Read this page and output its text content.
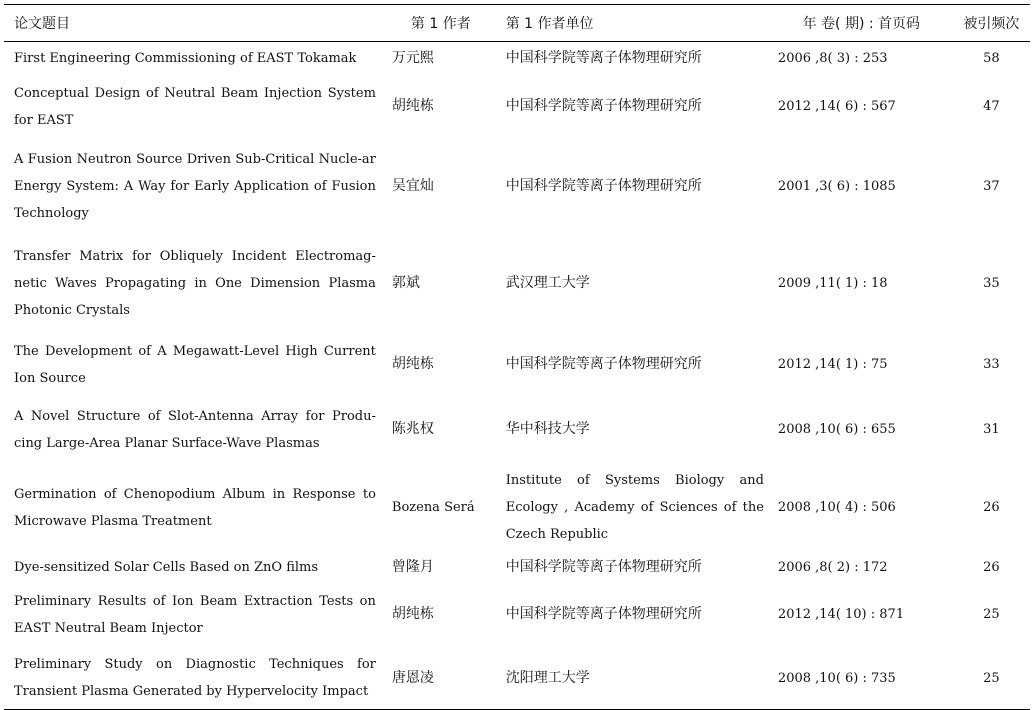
论文题目	第 1 作者	第 1 作者单位	年 卷( 期) : 首页码	被引频次
First Engineering Commissioning of EAST Tokamak	万元熙	中国科学院等离子体物理研究所	2006 ,8( 3) : 253	58
Conceptual Design of Neutral Beam Injection System for EAST	胡纯栋	中国科学院等离子体物理研究所	2012 ,14( 6) : 567	47
A Fusion Neutron Source Driven Sub-Critical Nucle-ar Energy System: A Way for Early Application of Fusion Technology	吴宜灿	中国科学院等离子体物理研究所	2001 ,3( 6) : 1085	37
Transfer Matrix for Obliquely Incident Electromag-netic Waves Propagating in One Dimension Plasma Photonic Crystals	郭斌	武汉理工大学	2009 ,11( 1) : 18	35
The Development of A Megawatt-Level High Current Ion Source	胡纯栋	中国科学院等离子体物理研究所	2012 ,14( 1) : 75	33
A Novel Structure of Slot-Antenna Array for Produ-cing Large-Area Planar Surface-Wave Plasmas	陈兆权	华中科技大学	2008 ,10( 6) : 655	31
Germination of Chenopodium Album in Response to Microwave Plasma Treatment	Bozena Será	Institute of Systems Biology and Ecology , Academy of Sciences of the Czech Republic	2008 ,10( 4) : 506	26
Dye-sensitized Solar Cells Based on ZnO films	曾隆月	中国科学院等离子体物理研究所	2006 ,8( 2) : 172	26
Preliminary Results of Ion Beam Extraction Tests on EAST Neutral Beam Injector	胡纯栋	中国科学院等离子体物理研究所	2012 ,14( 10) : 871	25
Preliminary Study on Diagnostic Techniques for Transient Plasma Generated by Hypervelocity Impact	唐恩凌	沈阳理工大学	2008 ,10( 6) : 735	25
